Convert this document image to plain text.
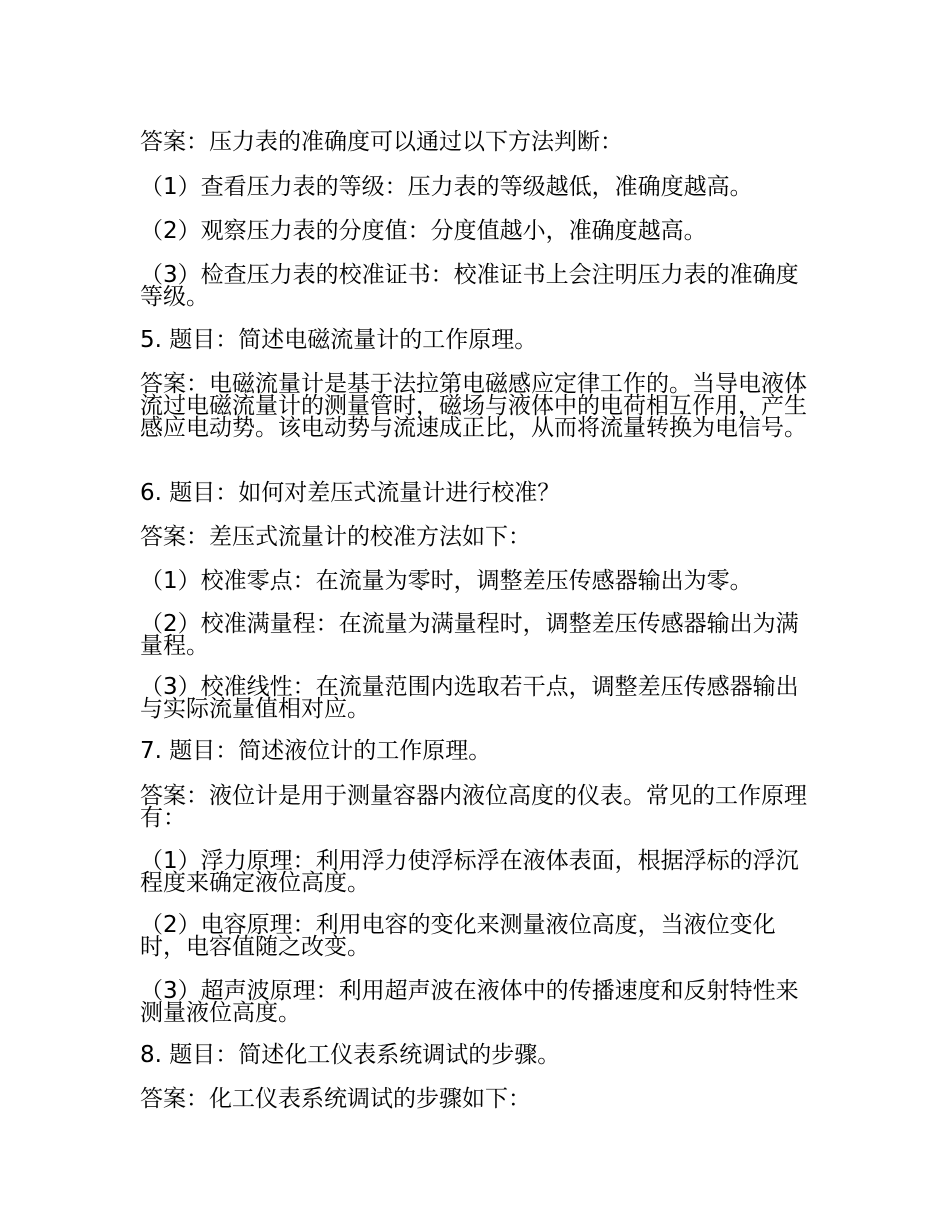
答案：压力表的准确度可以通过以下方法判断：
（1）查看压力表的等级：压力表的等级越低，准确度越高。
（2）观察压力表的分度值：分度值越小，准确度越高。
（3）检查压力表的校准证书：校准证书上会注明压力表的准确度等级。
5. 题目：简述电磁流量计的工作原理。
答案：电磁流量计是基于法拉第电磁感应定律工作的。当导电液体流过电磁流量计的测量管时，磁场与液体中的电荷相互作用，产生感应电动势。该电动势与流速成正比，从而将流量转换为电信号。
6. 题目：如何对差压式流量计进行校准？
答案：差压式流量计的校准方法如下：
（1）校准零点：在流量为零时，调整差压传感器输出为零。
（2）校准满量程：在流量为满量程时，调整差压传感器输出为满量程。
（3）校准线性：在流量范围内选取若干点，调整差压传感器输出与实际流量值相对应。
7. 题目：简述液位计的工作原理。
答案：液位计是用于测量容器内液位高度的仪表。常见的工作原理有：
（1）浮力原理：利用浮力使浮标浮在液体表面，根据浮标的浮沉程度来确定液位高度。
（2）电容原理：利用电容的变化来测量液位高度，当液位变化时，电容值随之改变。
（3）超声波原理：利用超声波在液体中的传播速度和反射特性来测量液位高度。
8. 题目：简述化工仪表系统调试的步骤。
答案：化工仪表系统调试的步骤如下：
